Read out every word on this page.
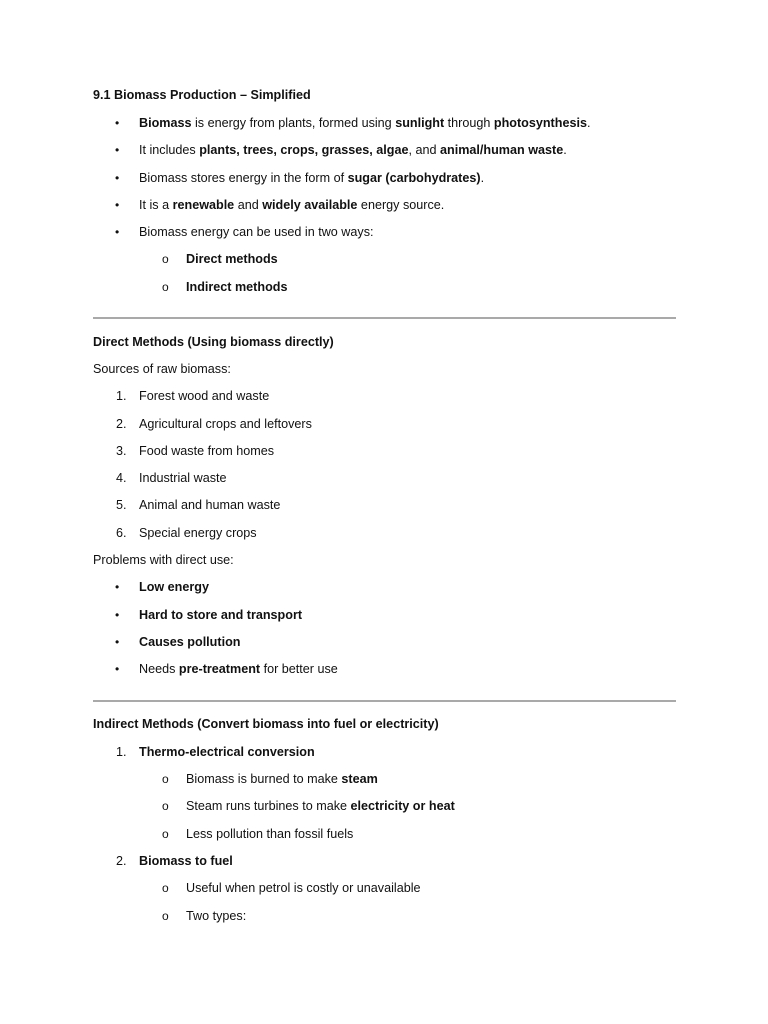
9.1 Biomass Production – Simplified
• Biomass is energy from plants, formed using sunlight through photosynthesis.
• It includes plants, trees, crops, grasses, algae, and animal/human waste.
• Biomass stores energy in the form of sugar (carbohydrates).
• It is a renewable and widely available energy source.
• Biomass energy can be used in two ways:
o Direct methods
o Indirect methods
Direct Methods (Using biomass directly)
Sources of raw biomass:
1. Forest wood and waste
2. Agricultural crops and leftovers
3. Food waste from homes
4. Industrial waste
5. Animal and human waste
6. Special energy crops
Problems with direct use:
• Low energy
• Hard to store and transport
• Causes pollution
• Needs pre-treatment for better use
Indirect Methods (Convert biomass into fuel or electricity)
1. Thermo-electrical conversion
o Biomass is burned to make steam
o Steam runs turbines to make electricity or heat
o Less pollution than fossil fuels
2. Biomass to fuel
o Useful when petrol is costly or unavailable
o Two types:
